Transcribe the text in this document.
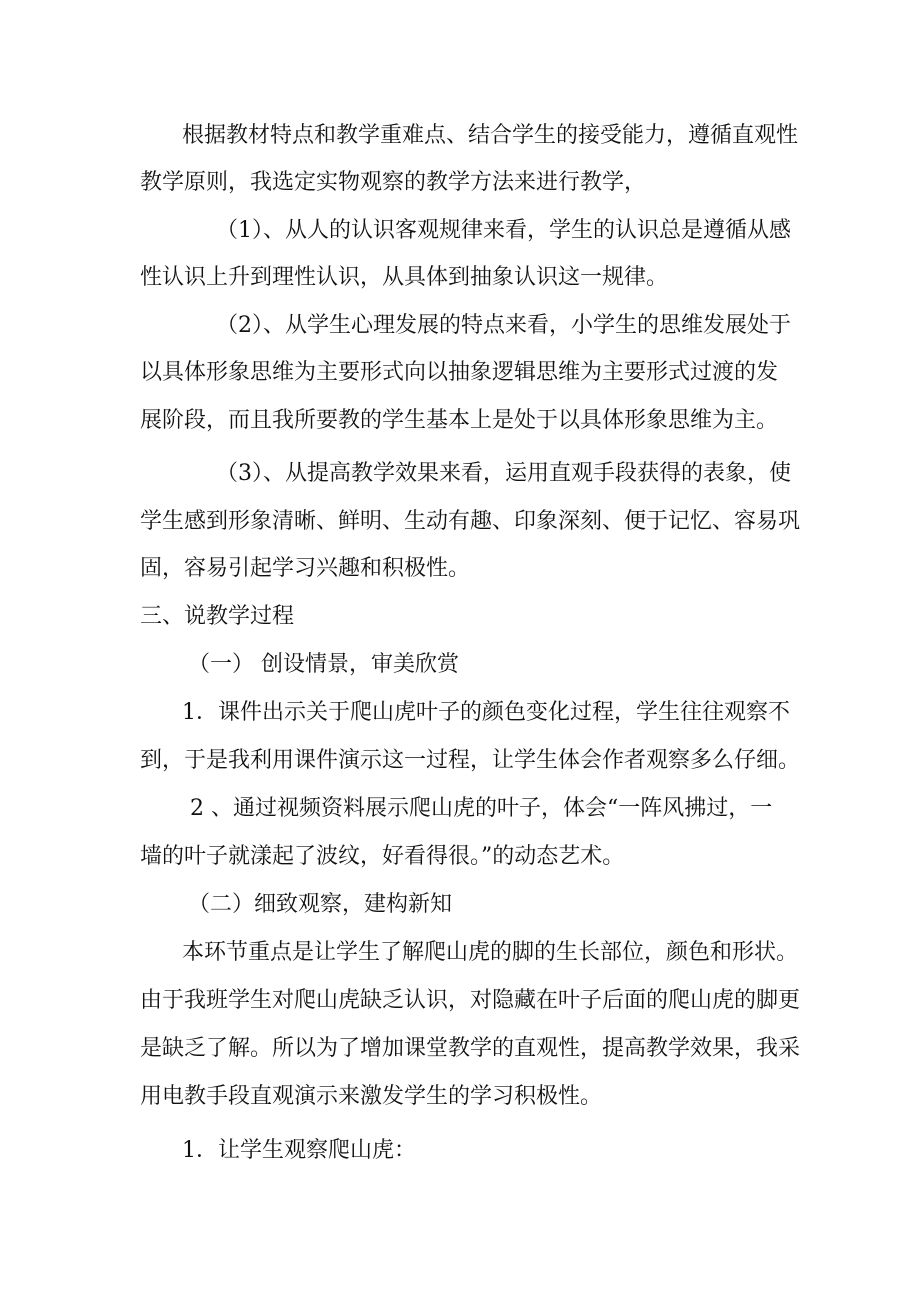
根据教材特点和教学重难点、结合学生的接受能力，遵循直观性
教学原则，我选定实物观察的教学方法来进行教学，
（1）、从人的认识客观规律来看，学生的认识总是遵循从感
性认识上升到理性认识，从具体到抽象认识这一规律。
（2）、从学生心理发展的特点来看，小学生的思维发展处于
以具体形象思维为主要形式向以抽象逻辑思维为主要形式过渡的发
展阶段，而且我所要教的学生基本上是处于以具体形象思维为主。
（3）、从提高教学效果来看，运用直观手段获得的表象，使
学生感到形象清晰、鲜明、生动有趣、印象深刻、便于记忆、容易巩
固，容易引起学习兴趣和积极性。
三、说教学过程
（一） 创设情景，审美欣赏
1．课件出示关于爬山虎叶子的颜色变化过程，学生往往观察不
到，于是我利用课件演示这一过程，让学生体会作者观察多么仔细。
2 、通过视频资料展示爬山虎的叶子，体会“一阵风拂过，一
墙的叶子就漾起了波纹，好看得很。”的动态艺术。
（二）细致观察，建构新知
本环节重点是让学生了解爬山虎的脚的生长部位，颜色和形状。
由于我班学生对爬山虎缺乏认识，对隐藏在叶子后面的爬山虎的脚更
是缺乏了解。所以为了增加课堂教学的直观性，提高教学效果，我采
用电教手段直观演示来激发学生的学习积极性。
1．让学生观察爬山虎：
